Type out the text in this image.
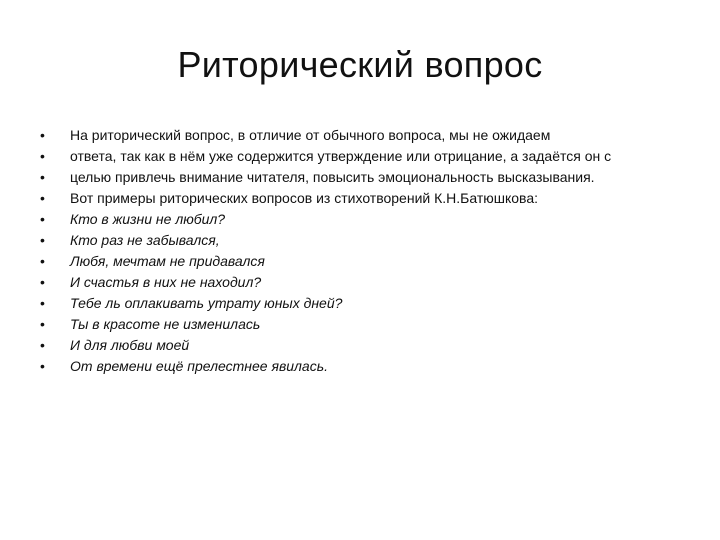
Риторический вопрос
• На риторический вопрос, в отличие от обычного вопроса, мы не ожидаем
• ответа, так как в нём уже содержится утверждение или отрицание, а задаётся он с
• целью привлечь внимание читателя, повысить эмоциональность высказывания.
• Вот примеры риторических вопросов из стихотворений К.Н.Батюшкова:
• Кто в жизни не любил?
• Кто раз не забывался,
• Любя, мечтам не придавался
• И счастья в них не находил?
• Тебе ль оплакивать утрату юных дней?
• Ты в красоте не изменилась
• И для любви моей
• От времени ещё прелестнее явилась.
